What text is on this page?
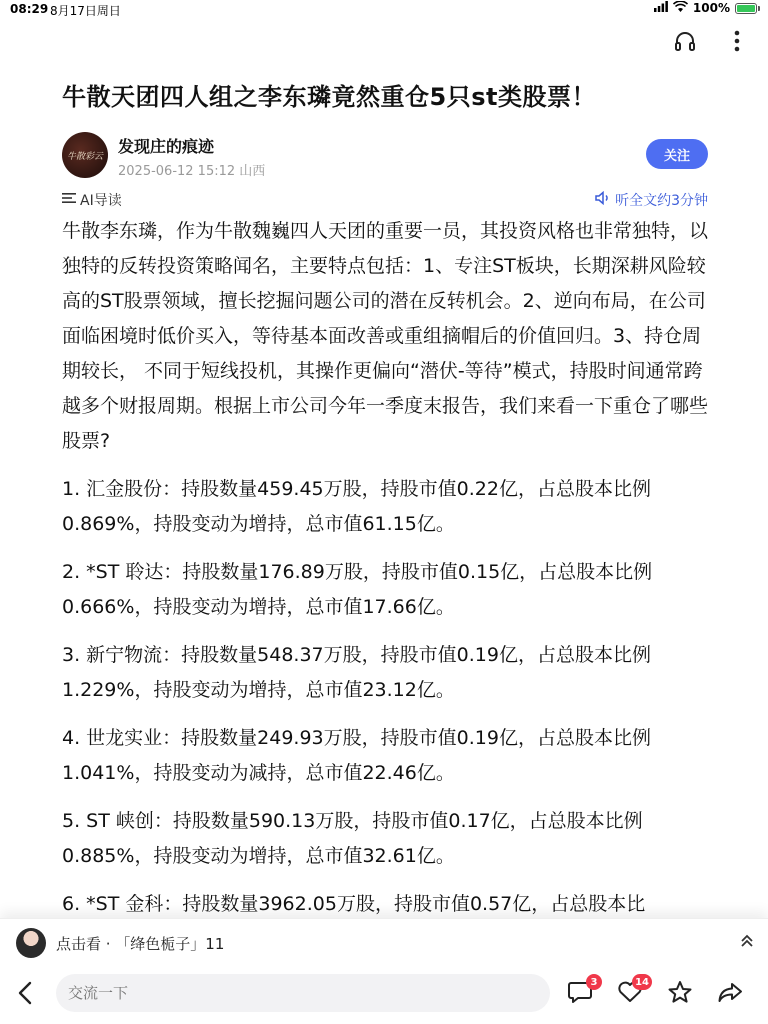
08:29 8月17日周日	100%
牛散天团四人组之李东璘竟然重仓5只st类股票！
牛散彩云
发现庄的痕迹
2025-06-12 15:12 山西
关注
AI导读	听全文约3分钟

牛散李东璘，作为牛散魏巍四人天团的重要一员，其投资风格也非常独特，以独特的反转投资策略闻名，主要特点包括：1、专注ST板块，长期深耕风险较高的ST股票领域，擅长挖掘问题公司的潜在反转机会。2、逆向布局，在公司面临困境时低价买入，等待基本面改善或重组摘帽后的价值回归。3、持仓周期较长， 不同于短线投机，其操作更偏向“潜伏-等待”模式，持股时间通常跨越多个财报周期。根据上市公司今年一季度末报告，我们来看一下重仓了哪些股票?

1. 汇金股份：持股数量459.45万股，持股市值0.22亿，占总股本比例0.869%，持股变动为增持，总市值61.15亿。

2. *ST 聆达：持股数量176.89万股，持股市值0.15亿，占总股本比例0.666%，持股变动为增持，总市值17.66亿。

3. 新宁物流：持股数量548.37万股，持股市值0.19亿，占总股本比例1.229%，持股变动为增持，总市值23.12亿。

4. 世龙实业：持股数量249.93万股，持股市值0.19亿，占总股本比例1.041%，持股变动为减持，总市值22.46亿。

5. ST 峡创：持股数量590.13万股，持股市值0.17亿，占总股本比例0.885%，持股变动为增持，总市值32.61亿。

6. *ST 金科：持股数量3962.05万股，持股市值0.57亿，占总股本比

点击看 · 「绛色栀子」11
交流一下
3	14
